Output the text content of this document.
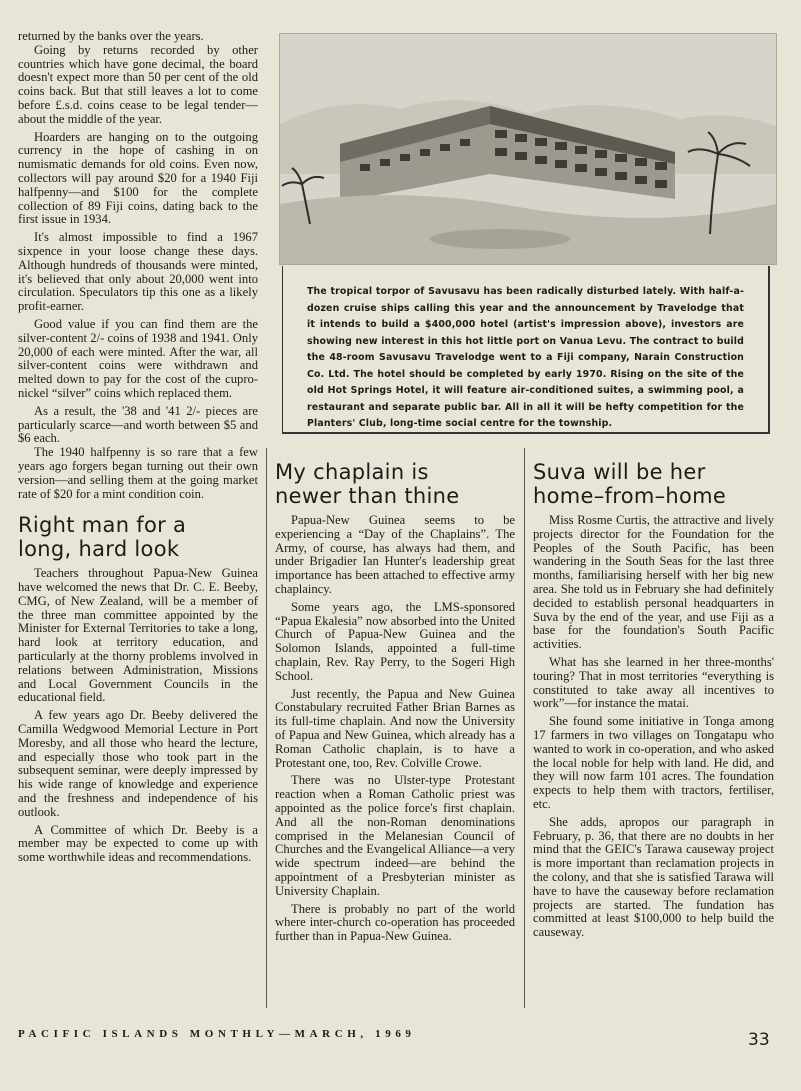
returned by the banks over the years.

Going by returns recorded by other countries which have gone decimal, the board doesn't expect more than 50 per cent of the old coins back. But that still leaves a lot to come before £.s.d. coins cease to be legal tender—about the middle of the year.

Hoarders are hanging on to the outgoing currency in the hope of cashing in on numismatic demands for old coins. Even now, collectors will pay around $20 for a 1940 Fiji halfpenny—and $100 for the complete collection of 89 Fiji coins, dating back to the first issue in 1934.

It's almost impossible to find a 1967 sixpence in your loose change these days. Although hundreds of thousands were minted, it's believed that only about 20,000 went into circulation. Speculators tip this one as a likely profit-earner.

Good value if you can find them are the silver-content 2/- coins of 1938 and 1941. Only 20,000 of each were minted. After the war, all silver-content coins were withdrawn and melted down to pay for the cost of the cupro-nickel “silver” coins which replaced them.

As a result, the '38 and '41 2/- pieces are particularly scarce—and worth between $5 and $6 each.

The 1940 halfpenny is so rare that a few years ago forgers began turning out their own version—and selling them at the going market rate of $20 for a mint condition coin.

Right man for a long, hard look

Teachers throughout Papua-New Guinea have welcomed the news that Dr. C. E. Beeby, CMG, of New Zealand, will be a member of the three man committee appointed by the Minister for External Territories to take a long, hard look at territory education, and particularly at the thorny problems involved in relations between Administration, Missions and Local Government Councils in the educational field.

A few years ago Dr. Beeby delivered the Camilla Wedgwood Memorial Lecture in Port Moresby, and all those who heard the lecture, and especially those who took part in the subsequent seminar, were deeply impressed by his wide range of knowledge and experience and the freshness and independence of his outlook.

A Committee of which Dr. Beeby is a member may be expected to come up with some worthwhile ideas and recommendations.

The tropical torpor of Savusavu has been radically disturbed lately. With half-a-dozen cruise ships calling this year and the announcement by Travelodge that it intends to build a $400,000 hotel (artist's impression above), investors are showing new interest in this hot little port on Vanua Levu. The contract to build the 48-room Savusavu Travelodge went to a Fiji company, Narain Construction Co. Ltd. The hotel should be completed by early 1970. Rising on the site of the old Hot Springs Hotel, it will feature air-conditioned suites, a swimming pool, a restaurant and separate public bar. All in all it will be hefty competition for the Planters' Club, long-time social centre for the township.

My chaplain is newer than thine

Papua-New Guinea seems to be experiencing a “Day of the Chaplains”. The Army, of course, has always had them, and under Brigadier Ian Hunter's leadership great importance has been attached to effective army chaplaincy.

Some years ago, the LMS-sponsored “Papua Ekalesia” now absorbed into the United Church of Papua-New Guinea and the Solomon Islands, appointed a full-time chaplain, Rev. Ray Perry, to the Sogeri High School.

Just recently, the Papua and New Guinea Constabulary recruited Father Brian Barnes as its full-time chaplain. And now the University of Papua and New Guinea, which already has a Roman Catholic chaplain, is to have a Protestant one, too, Rev. Colville Crowe.

There was no Ulster-type Protestant reaction when a Roman Catholic priest was appointed as the police force's first chaplain. And all the non-Roman denominations comprised in the Melanesian Council of Churches and the Evangelical Alliance—a very wide spectrum indeed—are behind the appointment of a Presbyterian minister as University Chaplain.

There is probably no part of the world where inter-church co-operation has proceeded further than in Papua-New Guinea.

Suva will be her home–from–home

Miss Rosme Curtis, the attractive and lively projects director for the Foundation for the Peoples of the South Pacific, has been wandering in the South Seas for the last three months, familiarising herself with her big new area. She told us in February she had definitely decided to establish personal headquarters in Suva by the end of the year, and use Fiji as a base for the foundation's South Pacific activities.

What has she learned in her three-months' touring? That in most territories “everything is constituted to take away all incentives to work”—for instance the matai.

She found some initiative in Tonga among 17 farmers in two villages on Tongatapu who wanted to work in co-operation, and who asked the local noble for help with land. He did, and they will now farm 101 acres. The foundation expects to help them with tractors, fertiliser, etc.

She adds, apropos our paragraph in February, p. 36, that there are no doubts in her mind that the GEIC's Tarawa causeway project is more important than reclamation projects in the colony, and that she is satisfied Tarawa will have to have the causeway before reclamation projects are started. The fundation has committed at least $100,000 to help build the causeway.

PACIFIC ISLANDS MONTHLY—MARCH, 1969	33
